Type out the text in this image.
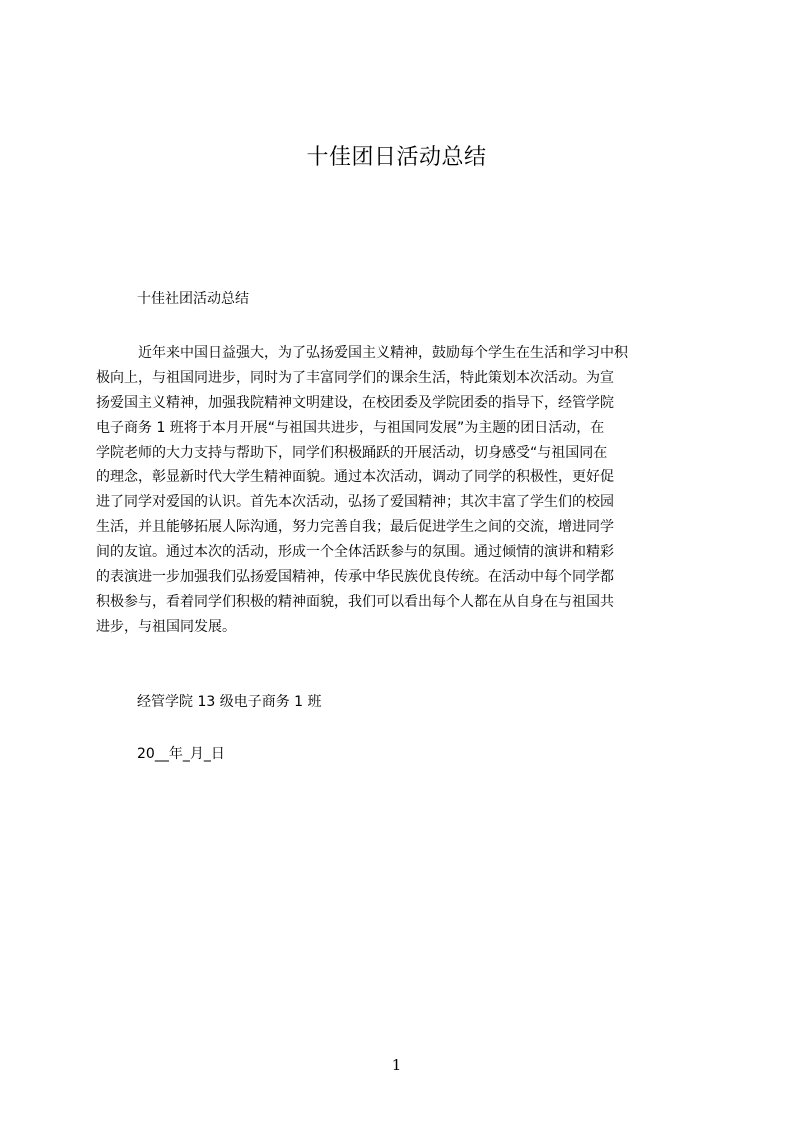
十佳团日活动总结
十佳社团活动总结
近年来中国日益强大，为了弘扬爱国主义精神，鼓励每个学生在生活和学习中积
极向上，与祖国同进步，同时为了丰富同学们的课余生活，特此策划本次活动。为宣
扬爱国主义精神，加强我院精神文明建设，在校团委及学院团委的指导下，经管学院
电子商务 1 班将于本月开展“与祖国共进步，与祖国同发展”为主题的团日活动，在
学院老师的大力支持与帮助下，同学们积极踊跃的开展活动，切身感受“与祖国同在
的理念，彰显新时代大学生精神面貌。通过本次活动，调动了同学的积极性，更好促
进了同学对爱国的认识。首先本次活动，弘扬了爱国精神；其次丰富了学生们的校园
生活，并且能够拓展人际沟通，努力完善自我；最后促进学生之间的交流，增进同学
间的友谊。通过本次的活动，形成一个全体活跃参与的氛围。通过倾情的演讲和精彩
的表演进一步加强我们弘扬爱国精神，传承中华民族优良传统。在活动中每个同学都
积极参与，看着同学们积极的精神面貌，我们可以看出每个人都在从自身在与祖国共
进步，与祖国同发展。
经管学院 13 级电子商务 1 班
20__年_月_日
1
